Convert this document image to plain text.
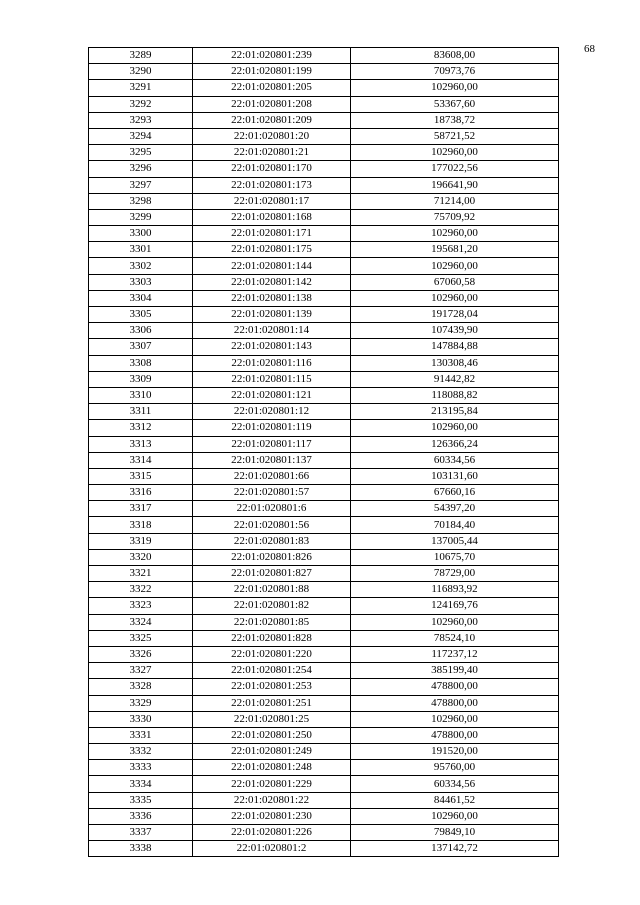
68
3289	22:01:020801:239	83608,00
3290	22:01:020801:199	70973,76
3291	22:01:020801:205	102960,00
3292	22:01:020801:208	53367,60
3293	22:01:020801:209	18738,72
3294	22:01:020801:20	58721,52
3295	22:01:020801:21	102960,00
3296	22:01:020801:170	177022,56
3297	22:01:020801:173	196641,90
3298	22:01:020801:17	71214,00
3299	22:01:020801:168	75709,92
3300	22:01:020801:171	102960,00
3301	22:01:020801:175	195681,20
3302	22:01:020801:144	102960,00
3303	22:01:020801:142	67060,58
3304	22:01:020801:138	102960,00
3305	22:01:020801:139	191728,04
3306	22:01:020801:14	107439,90
3307	22:01:020801:143	147884,88
3308	22:01:020801:116	130308,46
3309	22:01:020801:115	91442,82
3310	22:01:020801:121	118088,82
3311	22:01:020801:12	213195,84
3312	22:01:020801:119	102960,00
3313	22:01:020801:117	126366,24
3314	22:01:020801:137	60334,56
3315	22:01:020801:66	103131,60
3316	22:01:020801:57	67660,16
3317	22:01:020801:6	54397,20
3318	22:01:020801:56	70184,40
3319	22:01:020801:83	137005,44
3320	22:01:020801:826	10675,70
3321	22:01:020801:827	78729,00
3322	22:01:020801:88	116893,92
3323	22:01:020801:82	124169,76
3324	22:01:020801:85	102960,00
3325	22:01:020801:828	78524,10
3326	22:01:020801:220	117237,12
3327	22:01:020801:254	385199,40
3328	22:01:020801:253	478800,00
3329	22:01:020801:251	478800,00
3330	22:01:020801:25	102960,00
3331	22:01:020801:250	478800,00
3332	22:01:020801:249	191520,00
3333	22:01:020801:248	95760,00
3334	22:01:020801:229	60334,56
3335	22:01:020801:22	84461,52
3336	22:01:020801:230	102960,00
3337	22:01:020801:226	79849,10
3338	22:01:020801:2	137142,72
